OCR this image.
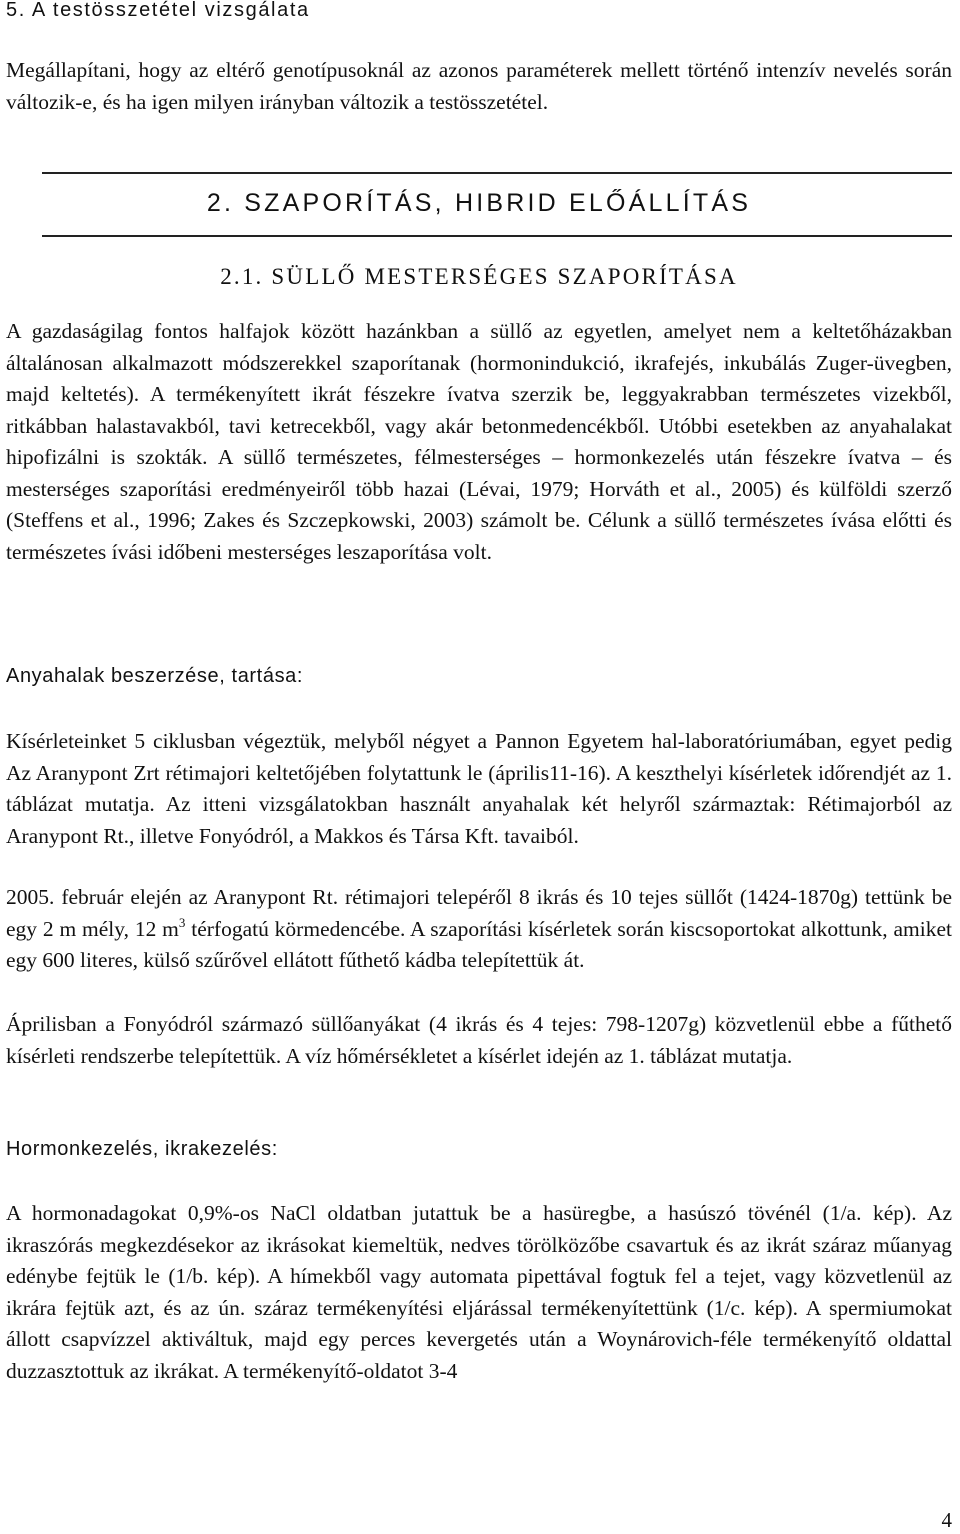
5. A testösszetétel vizsgálata

Megállapítani, hogy az eltérő genotípusoknál az azonos paraméterek mellett történő intenzív nevelés során változik-e, és ha igen milyen irányban változik a testösszetétel.

2. SZAPORÍTÁS, HIBRID ELŐÁLLÍTÁS
2.1. SÜLLŐ MESTERSÉGES SZAPORÍTÁSA

A gazdaságilag fontos halfajok között hazánkban a süllő az egyetlen, amelyet nem a keltetőházakban általánosan alkalmazott módszerekkel szaporítanak (hormonindukció, ikrafejés, inkubálás Zuger-üvegben, majd keltetés). A termékenyített ikrát fészekre ívatva szerzik be, leggyakrabban természetes vizekből, ritkábban halastavakból, tavi ketrecekből, vagy akár betonmedencékből. Utóbbi esetekben az anyahalakat hipofizálni is szokták. A süllő természetes, félmesterséges – hormonkezelés után fészekre ívatva – és mesterséges szaporítási eredményeiről több hazai (Lévai, 1979; Horváth et al., 2005) és külföldi szerző (Steffens et al., 1996; Zakes és Szczepkowski, 2003) számolt be. Célunk a süllő természetes ívása előtti és természetes ívási időbeni mesterséges leszaporítása volt.

Anyahalak beszerzése, tartása:

Kísérleteinket 5 ciklusban végeztük, melyből négyet a Pannon Egyetem hal-laboratóriumában, egyet pedig Az Aranypont Zrt rétimajori keltetőjében folytattunk le (április11-16). A keszthelyi kísérletek időrendjét az 1. táblázat mutatja. Az itteni vizsgálatokban használt anyahalak két helyről származtak: Rétimajorból az Aranypont Rt., illetve Fonyódról, a Makkos és Társa Kft. tavaiból.

2005. február elején az Aranypont Rt. rétimajori telepéről 8 ikrás és 10 tejes süllőt (1424-1870g) tettünk be egy 2 m mély, 12 $m^3$ térfogatú körmedencébe. A szaporítási kísérletek során kiscsoportokat alkottunk, amiket egy 600 literes, külső szűrővel ellátott fűthető kádba telepítettük át.

Áprilisban a Fonyódról származó süllőanyákat (4 ikrás és 4 tejes: 798-1207g) közvetlenül ebbe a fűthető kísérleti rendszerbe telepítettük. A víz hőmérsékletet a kísérlet idején az 1. táblázat mutatja.

Hormonkezelés, ikrakezelés:

A hormonadagokat 0,9%-os NaCl oldatban jutattuk be a hasüregbe, a hasúszó tövénél (1/a. kép). Az ikraszórás megkezdésekor az ikrásokat kiemeltük, nedves törölközőbe csavartuk és az ikrát száraz műanyag edénybe fejtük le (1/b. kép). A hímekből vagy automata pipettával fogtuk fel a tejet, vagy közvetlenül az ikrára fejtük azt, és az ún. száraz termékenyítési eljárással termékenyítettünk (1/c. kép). A spermiumokat állott csapvízzel aktiváltuk, majd egy perces kevergetés után a Woynárovich-féle termékenyítő oldattal duzzasztottuk az ikrákat. A termékenyítő-oldatot 3-4

4
